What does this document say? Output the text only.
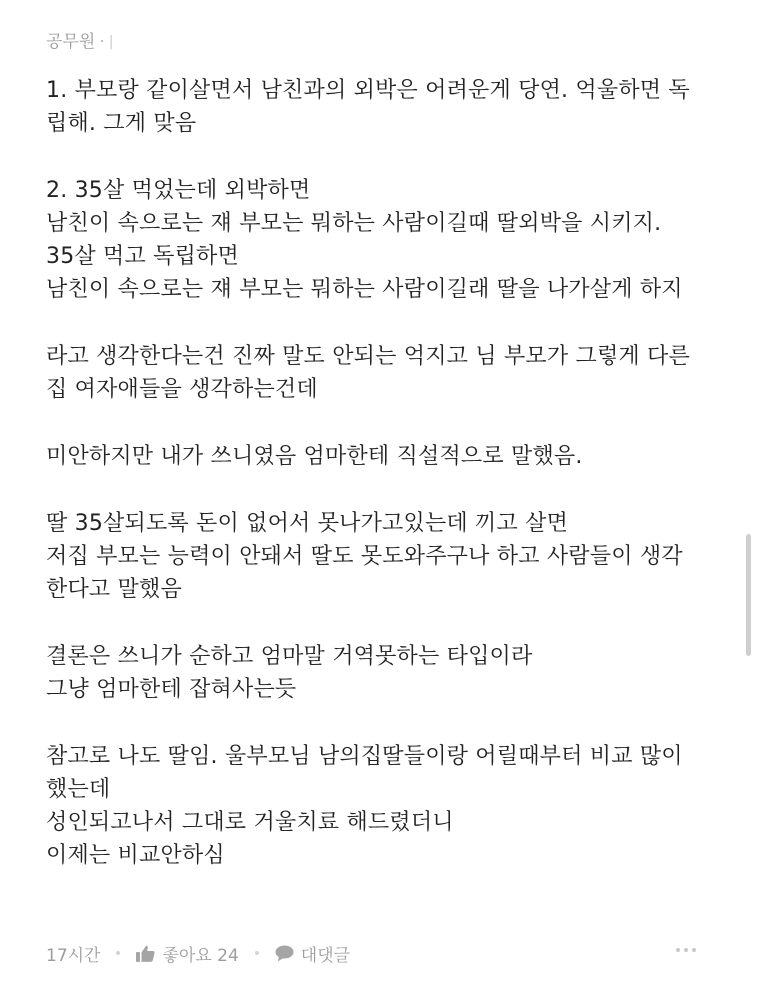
공무원 · |
1. 부모랑 같이살면서 남친과의 외박은 어려운게 당연. 억울하면 독
립해. 그게 맞음
2. 35살 먹었는데 외박하면
남친이 속으로는 쟤 부모는 뭐하는 사람이길때 딸외박을 시키지.
35살 먹고 독립하면
남친이 속으로는 쟤 부모는 뭐하는 사람이길래 딸을 나가살게 하지
라고 생각한다는건 진짜 말도 안되는 억지고 님 부모가 그렇게 다른
집 여자애들을 생각하는건데
미안하지만 내가 쓰니였음 엄마한테 직설적으로 말했음.
딸 35살되도록 돈이 없어서 못나가고있는데 끼고 살면
저집 부모는 능력이 안돼서 딸도 못도와주구나 하고 사람들이 생각
한다고 말했음
결론은 쓰니가 순하고 엄마말 거역못하는 타입이라
그냥 엄마한테 잡혀사는듯
참고로 나도 딸임. 울부모님 남의집딸들이랑 어릴때부터 비교 많이
했는데
성인되고나서 그대로 거울치료 해드렸더니
이제는 비교안하심
17시간	좋아요 24	대댓글
